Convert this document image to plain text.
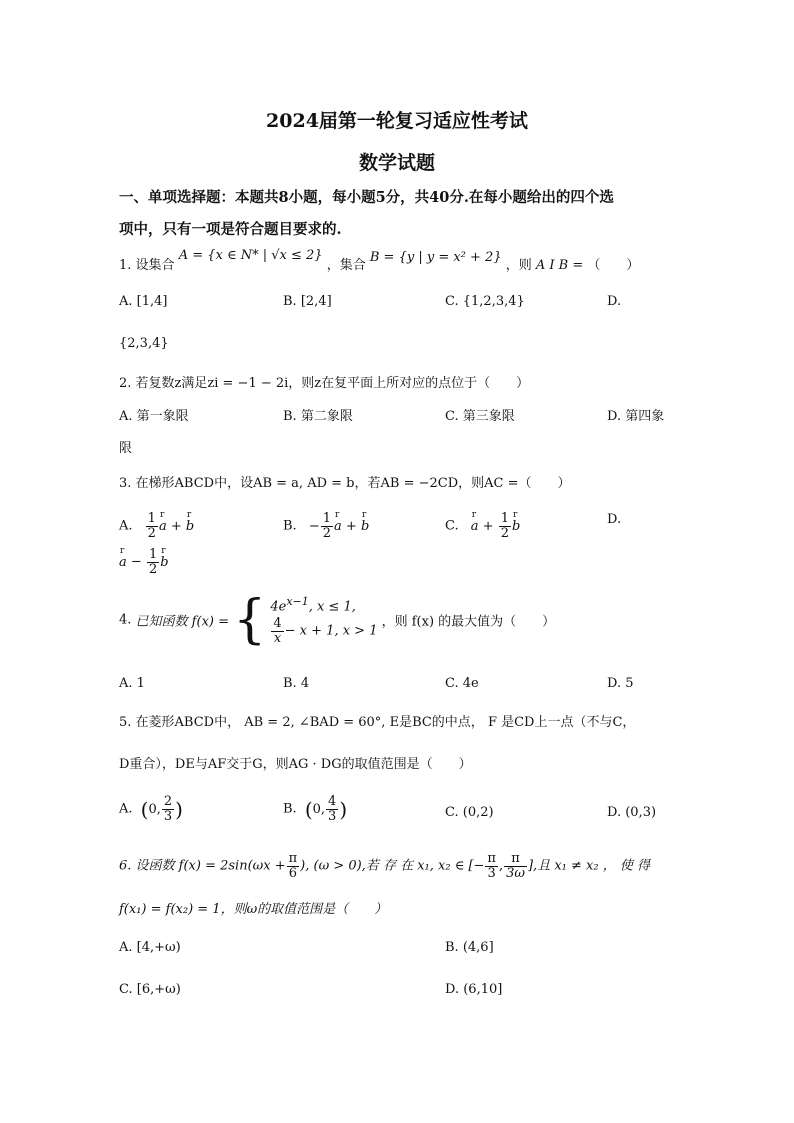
2024届第一轮复习适应性考试
数学试题
一、单项选择题：本题共8小题，每小题5分，共40分.在每小题给出的四个选
项中，只有一项是符合题目要求的.
1. 设集合 A = {x ∈ N* | √x ≤ 2} ，集合 B = {y | y = x² + 2} ，则 A I B = （　　）
A. [1,4]	B. [2,4]	C. {1,2,3,4}	D.
{2,3,4}
2. 若复数z满足zi = −1 − 2i，则z在复平面上所对应的点位于（　　）
A. 第一象限	B. 第二象限	C. 第三象限	D. 第四象
限
3. 在梯形ABCD中，设AB = a, AD = b，若AB = −2CD，则AC =（　　）
A. $\frac{1}{2}$ r a + r b	B. − $\frac{1}{2}$ r a + r b	C. r $a + \frac{1}{2}$ r b	D.
r $a - \frac{1}{2}$ r b
4. 已知函数 f(x) = { $4e^{x-1}$, x ≤ 1,
$\frac{4}{x} - x + 1$, x > 1
，则 f(x) 的最大值为（　　）
A. 1	B. 4	C. 4e	D. 5
5. 在菱形ABCD中， AB = 2, ∠BAD = 60°, E是BC的中点， F 是CD上一点（不与C，
D重合），DE与AF交于G，则AG · DG的取值范围是（　　）
A. (0, $\frac{2}{3}$ )	B. (0, $\frac{4}{3}$ )	C. (0,2)	D. (0,3)
6. 设函数 $f(x) = 2\sin(\omega x + \frac{\pi}{6}$ ), (ω > 0),若 存 在 x₁, x₂ ∈ [− $\frac{\pi}{3}$ , $\frac{\pi}{3\omega}$ ],且 x₁ ≠ x₂ ， 使 得
f(x₁) = f(x₂) = 1，则ω的取值范围是（　　）
A. [4,+ω)	B. (4,6]
C. [6,+ω)	D. (6,10]
